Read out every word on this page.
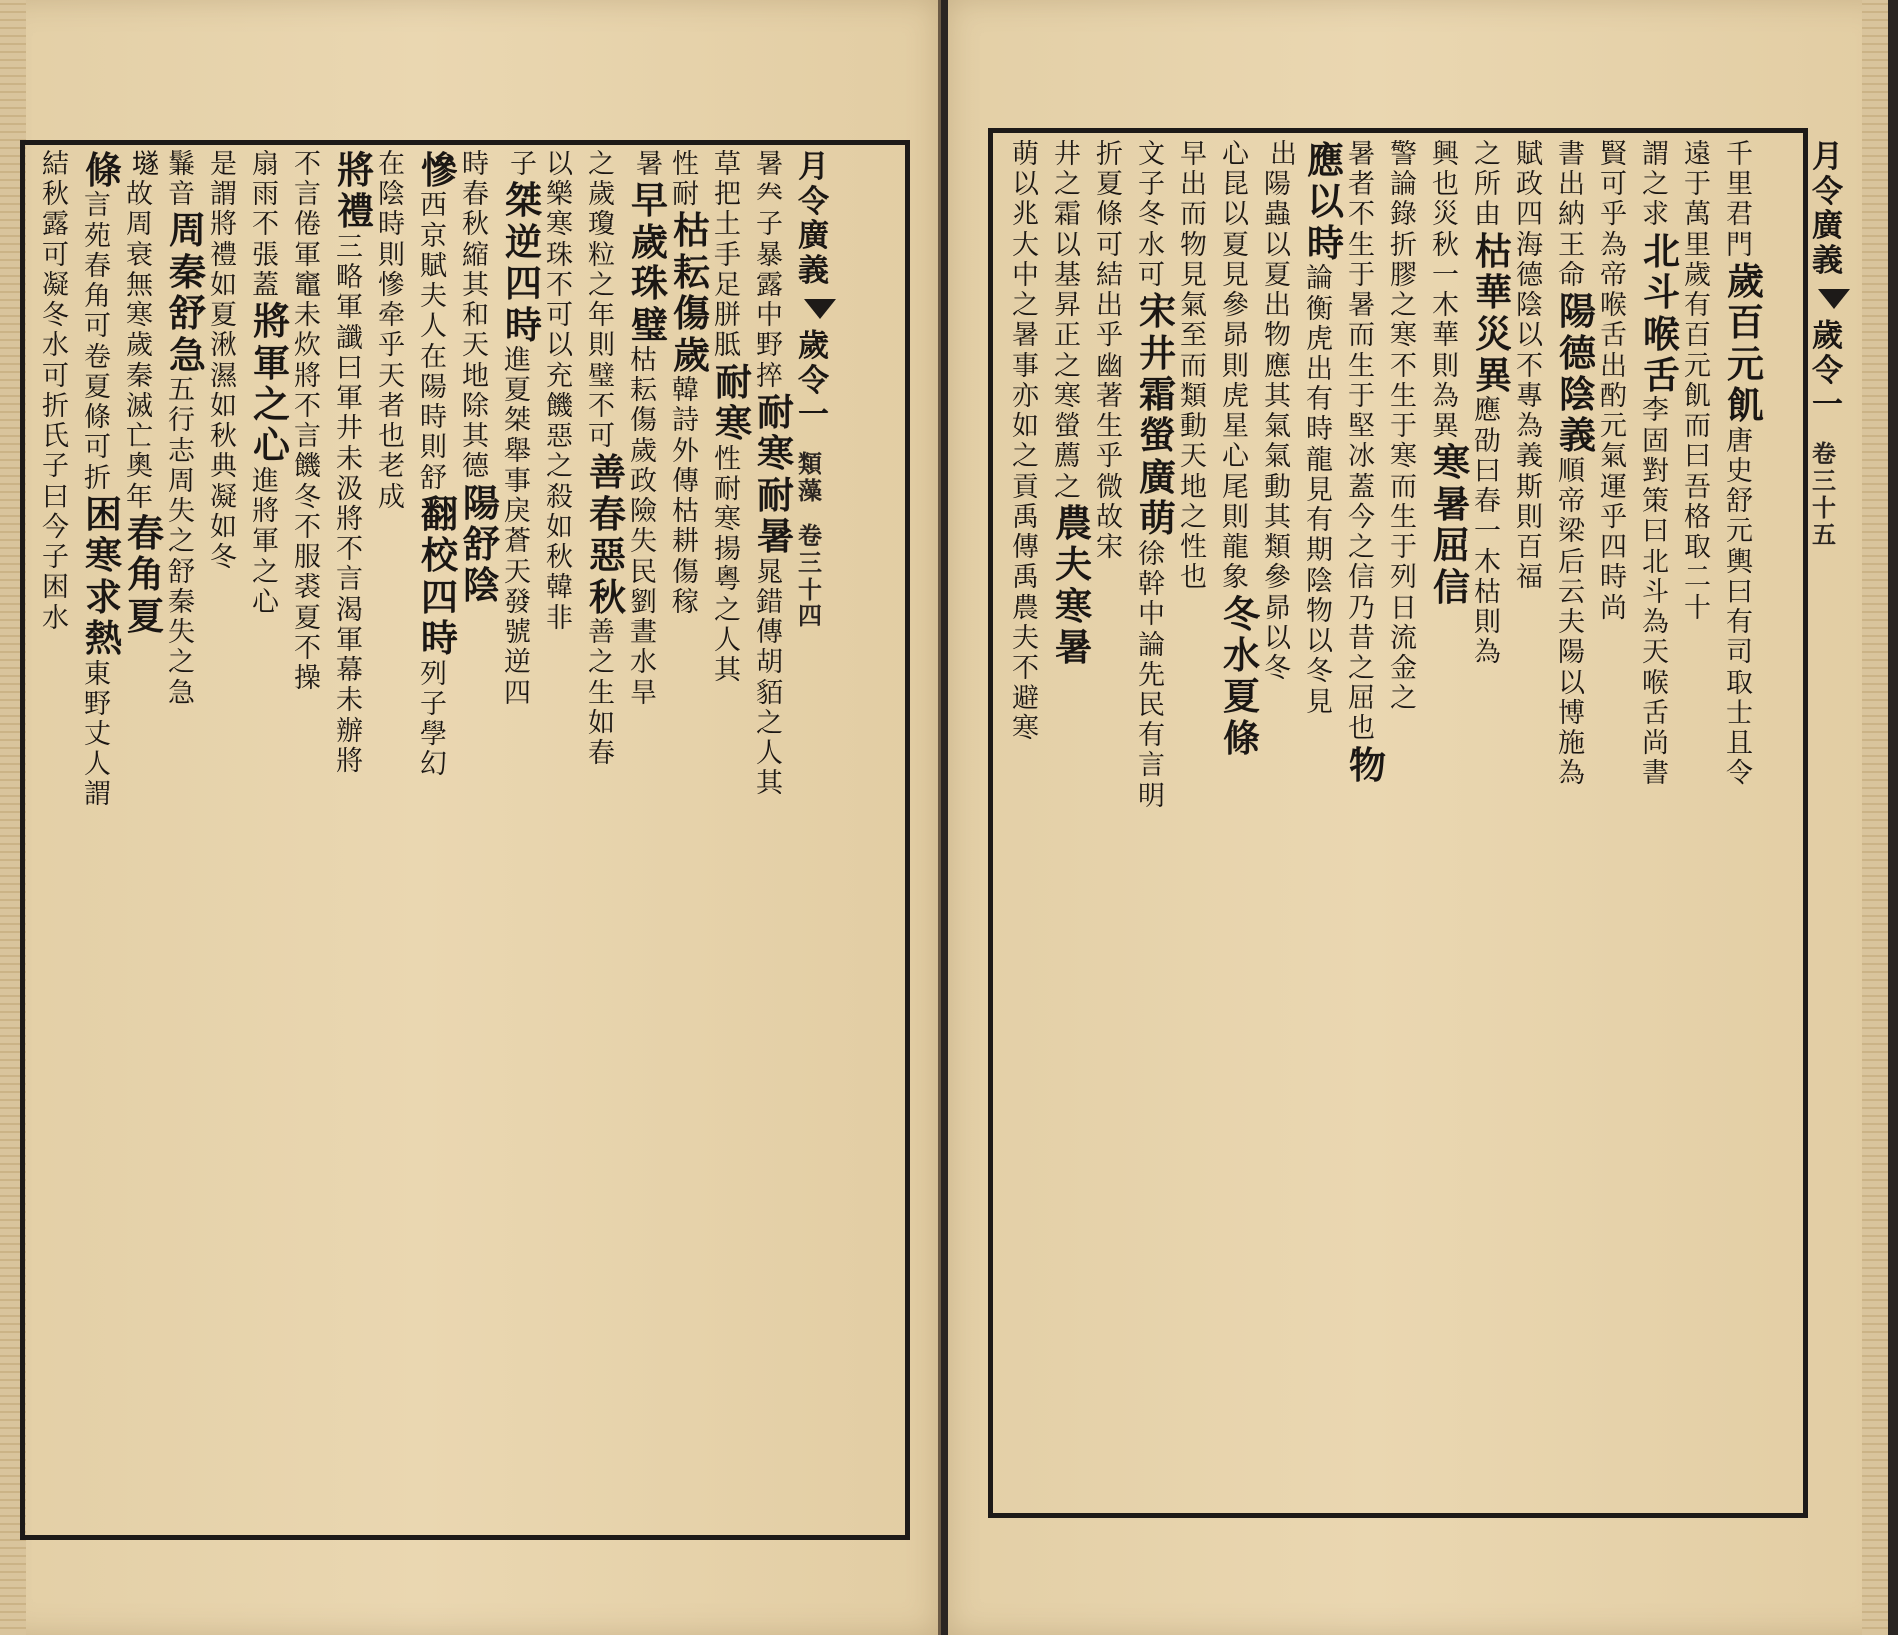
月令廣義
歲令一
類藻
卷三十四
暑𠔉子暴露中野捽
耐寒耐暑
晁錯傳胡貊之人其
草把土手足胼胝
耐寒
性耐寒揚粵之人其
性耐
枯耘傷歲
韓詩外傳枯耕傷稼
暑
早歲珠璧
枯耘傷歲政險失民
劉晝水旱
之歲瓊粒之年則璧不可
善春惡秋
善之生如春
以樂寒珠不可以充饑
惡之殺如秋韓非
子
桀逆四時
進夏桀舉事戾蒼天發號逆四
時春秋縮其和天地除其德
陽舒陰
慘
西京賦夫人在陽時則舒
翻校四時
列子學幻
在陰時則慘牵乎天者也
老成
將禮
三略軍讖曰軍井未汲將不言渴軍幕未辦將
不言倦軍竈未炊將不言饑冬不服裘夏不操
扇雨不張蓋
將軍之心
進將軍之心
是謂將禮
如夏湫濕如秋典凝如冬
鬑音
周秦舒急
五行志周失之舒秦失之急
𡑞
故周衰無寒歲秦滅亡奧年
春角夏
條
言苑春角可卷夏條可折
困寒求熱
東野丈人謂
結秋露可凝冬水可折
氏子曰今子困水
千里君門
歲百元飢
唐史舒元輿曰有司取士且令
遠于萬里
歲有百元飢而曰吾格取二十
謂之求
北斗喉舌
李固對策曰北斗為天喉舌尚書
賢可乎
為帝喉舌出酌元氣運乎四時尚
書出納王命
陽德陰義
順帝梁后云夫陽以博施為
賦政四海
德陰以不專為義斯則百福
之所由
枯華災異
應劭曰春一木枯則為
興也
災秋一木華則為異
寒暑屈信
警論錄折膠之寒不生于寒而生于列日流金之
暑者不生于暑而生于堅冰蓋今之信乃昔之屈也
物
應以時
論衡虎出有時龍見有期陰物以冬見
出
陽蟲以夏出物應其氣氣動其類參昴以冬
心昆以夏見參昴則虎星心尾則龍象
冬水夏條
早出而物見氣至而類動天地之性也
文子冬水可
宋井霜螢廣萌
徐幹中論先民有言明
折夏條可結
出乎幽著生乎微故宋
井之霜以基昇正之寒螢薦之
農夫寒暑
萌以兆大中之暑事亦如之
貢禹傳禹農夫不避寒
月令廣義
歲令一
卷三十五
